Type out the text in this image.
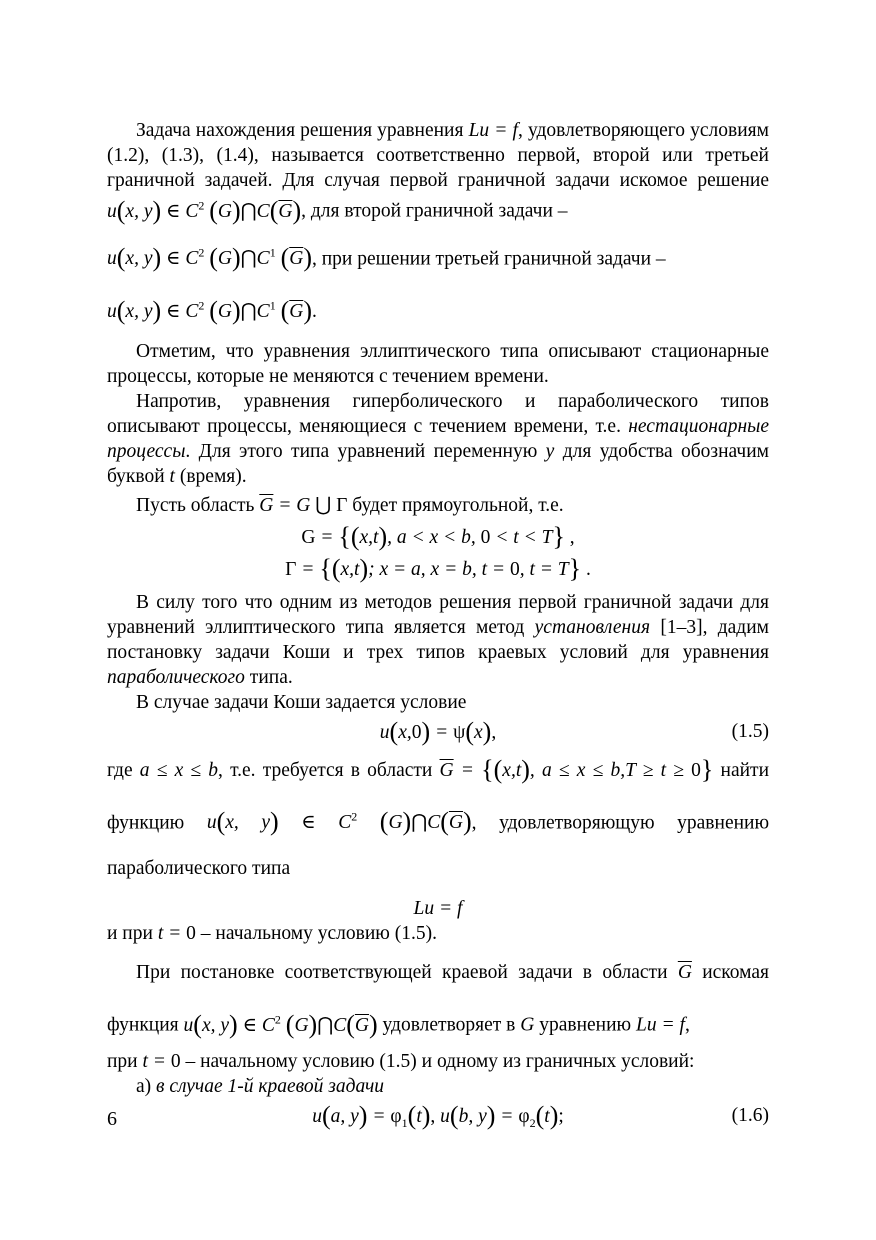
Задача нахождения решения уравнения Lu = f, удовлетворяющего условиям (1.2), (1.3), (1.4), называется соответственно первой, второй или третьей граничной задачей. Для случая первой граничной задачи искомое решение u(x, y) ∈ $C^2$ $(G)⋂C(\overline{G})$, для второй граничной задачи –

u(x, y) ∈ $C^2$ $(G)⋂C^1$ $(\overline{G})$, при решении третьей граничной задачи –

u(x, y) ∈ $C^2$ $(G)⋂C^1$ $(\overline{G})$.

Отметим, что уравнения эллиптического типа описывают стационарные процессы, которые не меняются с течением времени.

Напротив, уравнения гиперболического и параболического типов описывают процессы, меняющиеся с течением времени, т.е. нестационарные процессы. Для этого типа уравнений переменную y для удобства обозначим буквой t (время).

Пусть область $\overline{G} = G$ ⋃ Γ будет прямоугольной, т.е.

G = {(x,t), a < x < b, 0 < t < T} ,

Γ = {(x,t); x = a, x = b, t = 0, t = T} .

В силу того что одним из методов решения первой граничной задачи для уравнений эллиптического типа является метод установления [1–3], дадим постановку задачи Коши и трех типов краевых условий для уравнения параболического типа.

В случае задачи Коши задается условие

u(x,0) = ψ(x),	(1.5)

где a ≤ x ≤ b, т.е. требуется в области $\overline{G} = \{(x,t)$, a ≤ x ≤ b,T ≥ t ≥ 0} найти функцию u(x, y) ∈ $C^2$ $(G)⋂C(\overline{G})$, удовлетворяющую уравнению параболического типа

Lu = f

и при t = 0 – начальному условию (1.5).

При постановке соответствующей краевой задачи в области $\overline{G}$ искомая функция u(x, y) ∈ $C^2$ $(G)⋂C(\overline{G})$ удовлетворяет в G уравнению Lu = f,

при t = 0 – начальному условию (1.5) и одному из граничных условий:

а) в случае 1-й краевой задачи

u(a, $y) = \varphi_1(t)$, u(b, $y) = \varphi_2(t)$;	(1.6)
6
